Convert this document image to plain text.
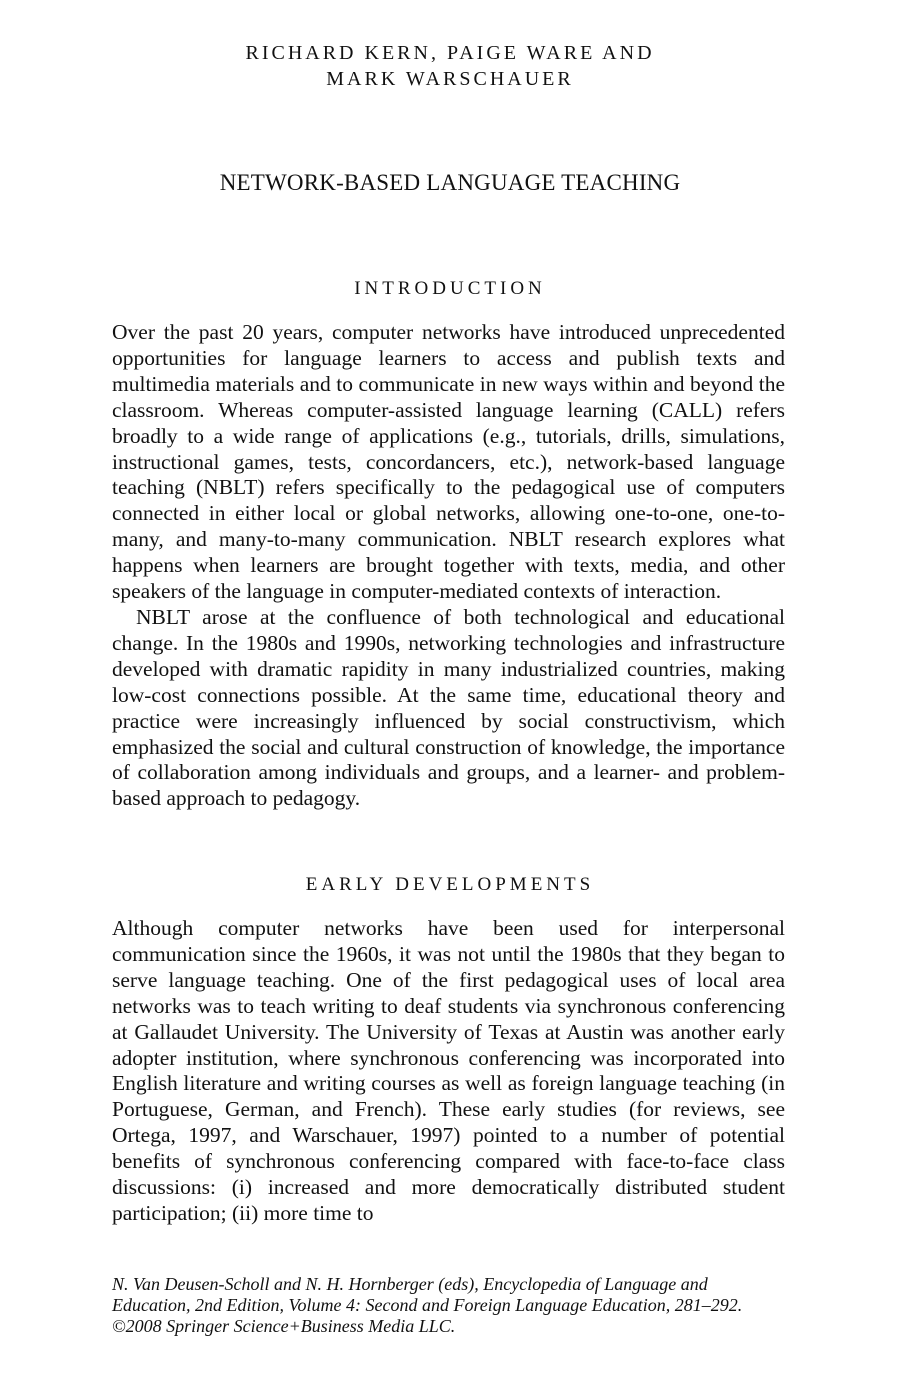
RICHARD KERN, PAIGE WARE AND
MARK WARSCHAUER
NETWORK-BASED LANGUAGE TEACHING
INTRODUCTION

Over the past 20 years, computer networks have introduced unprecedented opportunities for language learners to access and publish texts and multimedia materials and to communicate in new ways within and beyond the classroom. Whereas computer-assisted language learning (CALL) refers broadly to a wide range of applications (e.g., tutorials, drills, simulations, instructional games, tests, concordancers, etc.), network-based language teaching (NBLT) refers specifically to the pedagogical use of computers connected in either local or global networks, allowing one-to-one, one-to-many, and many-to-many communication. NBLT research explores what happens when learners are brought together with texts, media, and other speakers of the language in computer-mediated contexts of interaction.

NBLT arose at the confluence of both technological and educational change. In the 1980s and 1990s, networking technologies and infrastructure developed with dramatic rapidity in many industrialized countries, making low-cost connections possible. At the same time, educational theory and practice were increasingly influenced by social constructivism, which emphasized the social and cultural construction of knowledge, the importance of collaboration among individuals and groups, and a learner- and problem-based approach to pedagogy.

EARLY DEVELOPMENTS

Although computer networks have been used for interpersonal communication since the 1960s, it was not until the 1980s that they began to serve language teaching. One of the first pedagogical uses of local area networks was to teach writing to deaf students via synchronous conferencing at Gallaudet University. The University of Texas at Austin was another early adopter institution, where synchronous conferencing was incorporated into English literature and writing courses as well as foreign language teaching (in Portuguese, German, and French). These early studies (for reviews, see Ortega, 1997, and Warschauer, 1997) pointed to a number of potential benefits of synchronous conferencing compared with face-to-face class discussions: (i) increased and more democratically distributed student participation; (ii) more time to

N. Van Deusen-Scholl and N. H. Hornberger (eds), Encyclopedia of Language and
Education, 2nd Edition, Volume 4: Second and Foreign Language Education, 281–292.
©2008 Springer Science+Business Media LLC.
